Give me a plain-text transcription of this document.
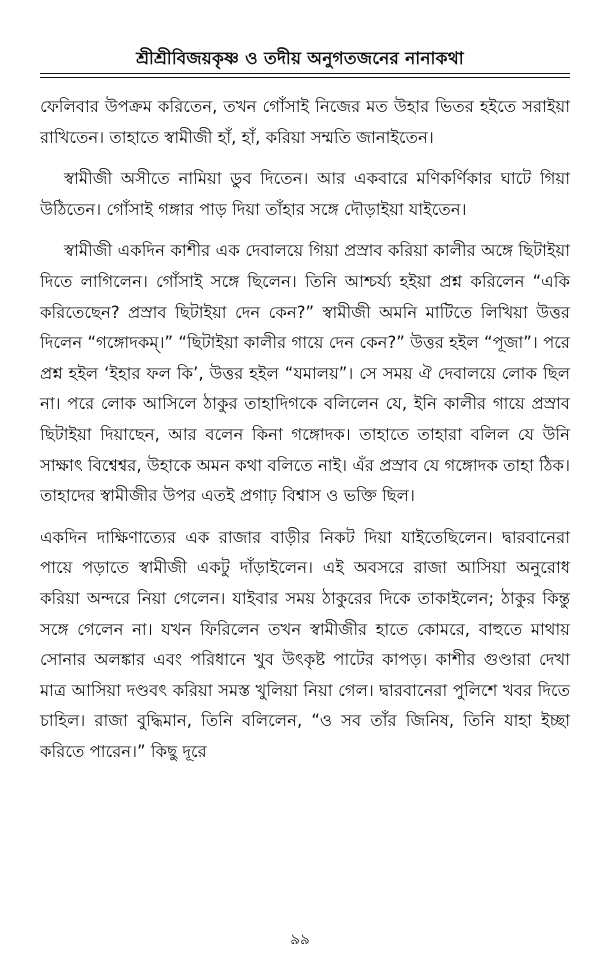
শ্রীশ্রীবিজয়কৃষ্ণ ও তদীয় অনুগতজনের নানাকথা

ফেলিবার উপক্রম করিতেন, তখন গোঁসাই নিজের মত উহার ভিতর হইতে সরাইয়া রাখিতেন। তাহাতে স্বামীজী হাঁ, হাঁ, করিয়া সম্মতি জানাইতেন।

স্বামীজী অসীতে নামিয়া ডুব দিতেন। আর একবারে মণিকর্ণিকার ঘাটে গিয়া উঠিতেন। গোঁসাই গঙ্গার পাড় দিয়া তাঁহার সঙ্গে দৌড়াইয়া যাইতেন।

স্বামীজী একদিন কাশীর এক দেবালয়ে গিয়া প্রস্রাব করিয়া কালীর অঙ্গে ছিটাইয়া দিতে লাগিলেন। গোঁসাই সঙ্গে ছিলেন। তিনি আশ্চর্য্য হইয়া প্রশ্ন করিলেন “একি করিতেছেন? প্রস্রাব ছিটাইয়া দেন কেন?” স্বামীজী অমনি মাটিতে লিখিয়া উত্তর দিলেন “গঙ্গোদকম্।” “ছিটাইয়া কালীর গায়ে দেন কেন?” উত্তর হইল “পূজা”। পরে প্রশ্ন হইল ‘ইহার ফল কি’, উত্তর হইল “যমালয়”। সে সময় ঐ দেবালয়ে লোক ছিল না। পরে লোক আসিলে ঠাকুর তাহাদিগকে বলিলেন যে, ইনি কালীর গায়ে প্রস্রাব ছিটাইয়া দিয়াছেন, আর বলেন কিনা গঙ্গোদক। তাহাতে তাহারা বলিল যে উনি সাক্ষাৎ বিশ্বেশ্বর, উহাকে অমন কথা বলিতে নাই। এঁর প্রস্রাব যে গঙ্গোদক তাহা ঠিক। তাহাদের স্বামীজীর উপর এতই প্রগাঢ় বিশ্বাস ও ভক্তি ছিল।

একদিন দাক্ষিণাত্যের এক রাজার বাড়ীর নিকট দিয়া যাইতেছিলেন। দ্বারবানেরা পায়ে পড়াতে স্বামীজী একটু দাঁড়াইলেন। এই অবসরে রাজা আসিয়া অনুরোধ করিয়া অন্দরে নিয়া গেলেন। যাইবার সময় ঠাকুরের দিকে তাকাইলেন; ঠাকুর কিন্তু সঙ্গে গেলেন না। যখন ফিরিলেন তখন স্বামীজীর হাতে কোমরে, বাহুতে মাথায় সোনার অলঙ্কার এবং পরিধানে খুব উৎকৃষ্ট পাটের কাপড়। কাশীর গুণ্ডারা দেখা মাত্র আসিয়া দণ্ডবৎ করিয়া সমস্ত খুলিয়া নিয়া গেল। দ্বারবানেরা পুলিশে খবর দিতে চাহিল। রাজা বুদ্ধিমান, তিনি বলিলেন, “ও সব তাঁর জিনিষ, তিনি যাহা ইচ্ছা করিতে পারেন।” কিছু দূরে

৯৯
